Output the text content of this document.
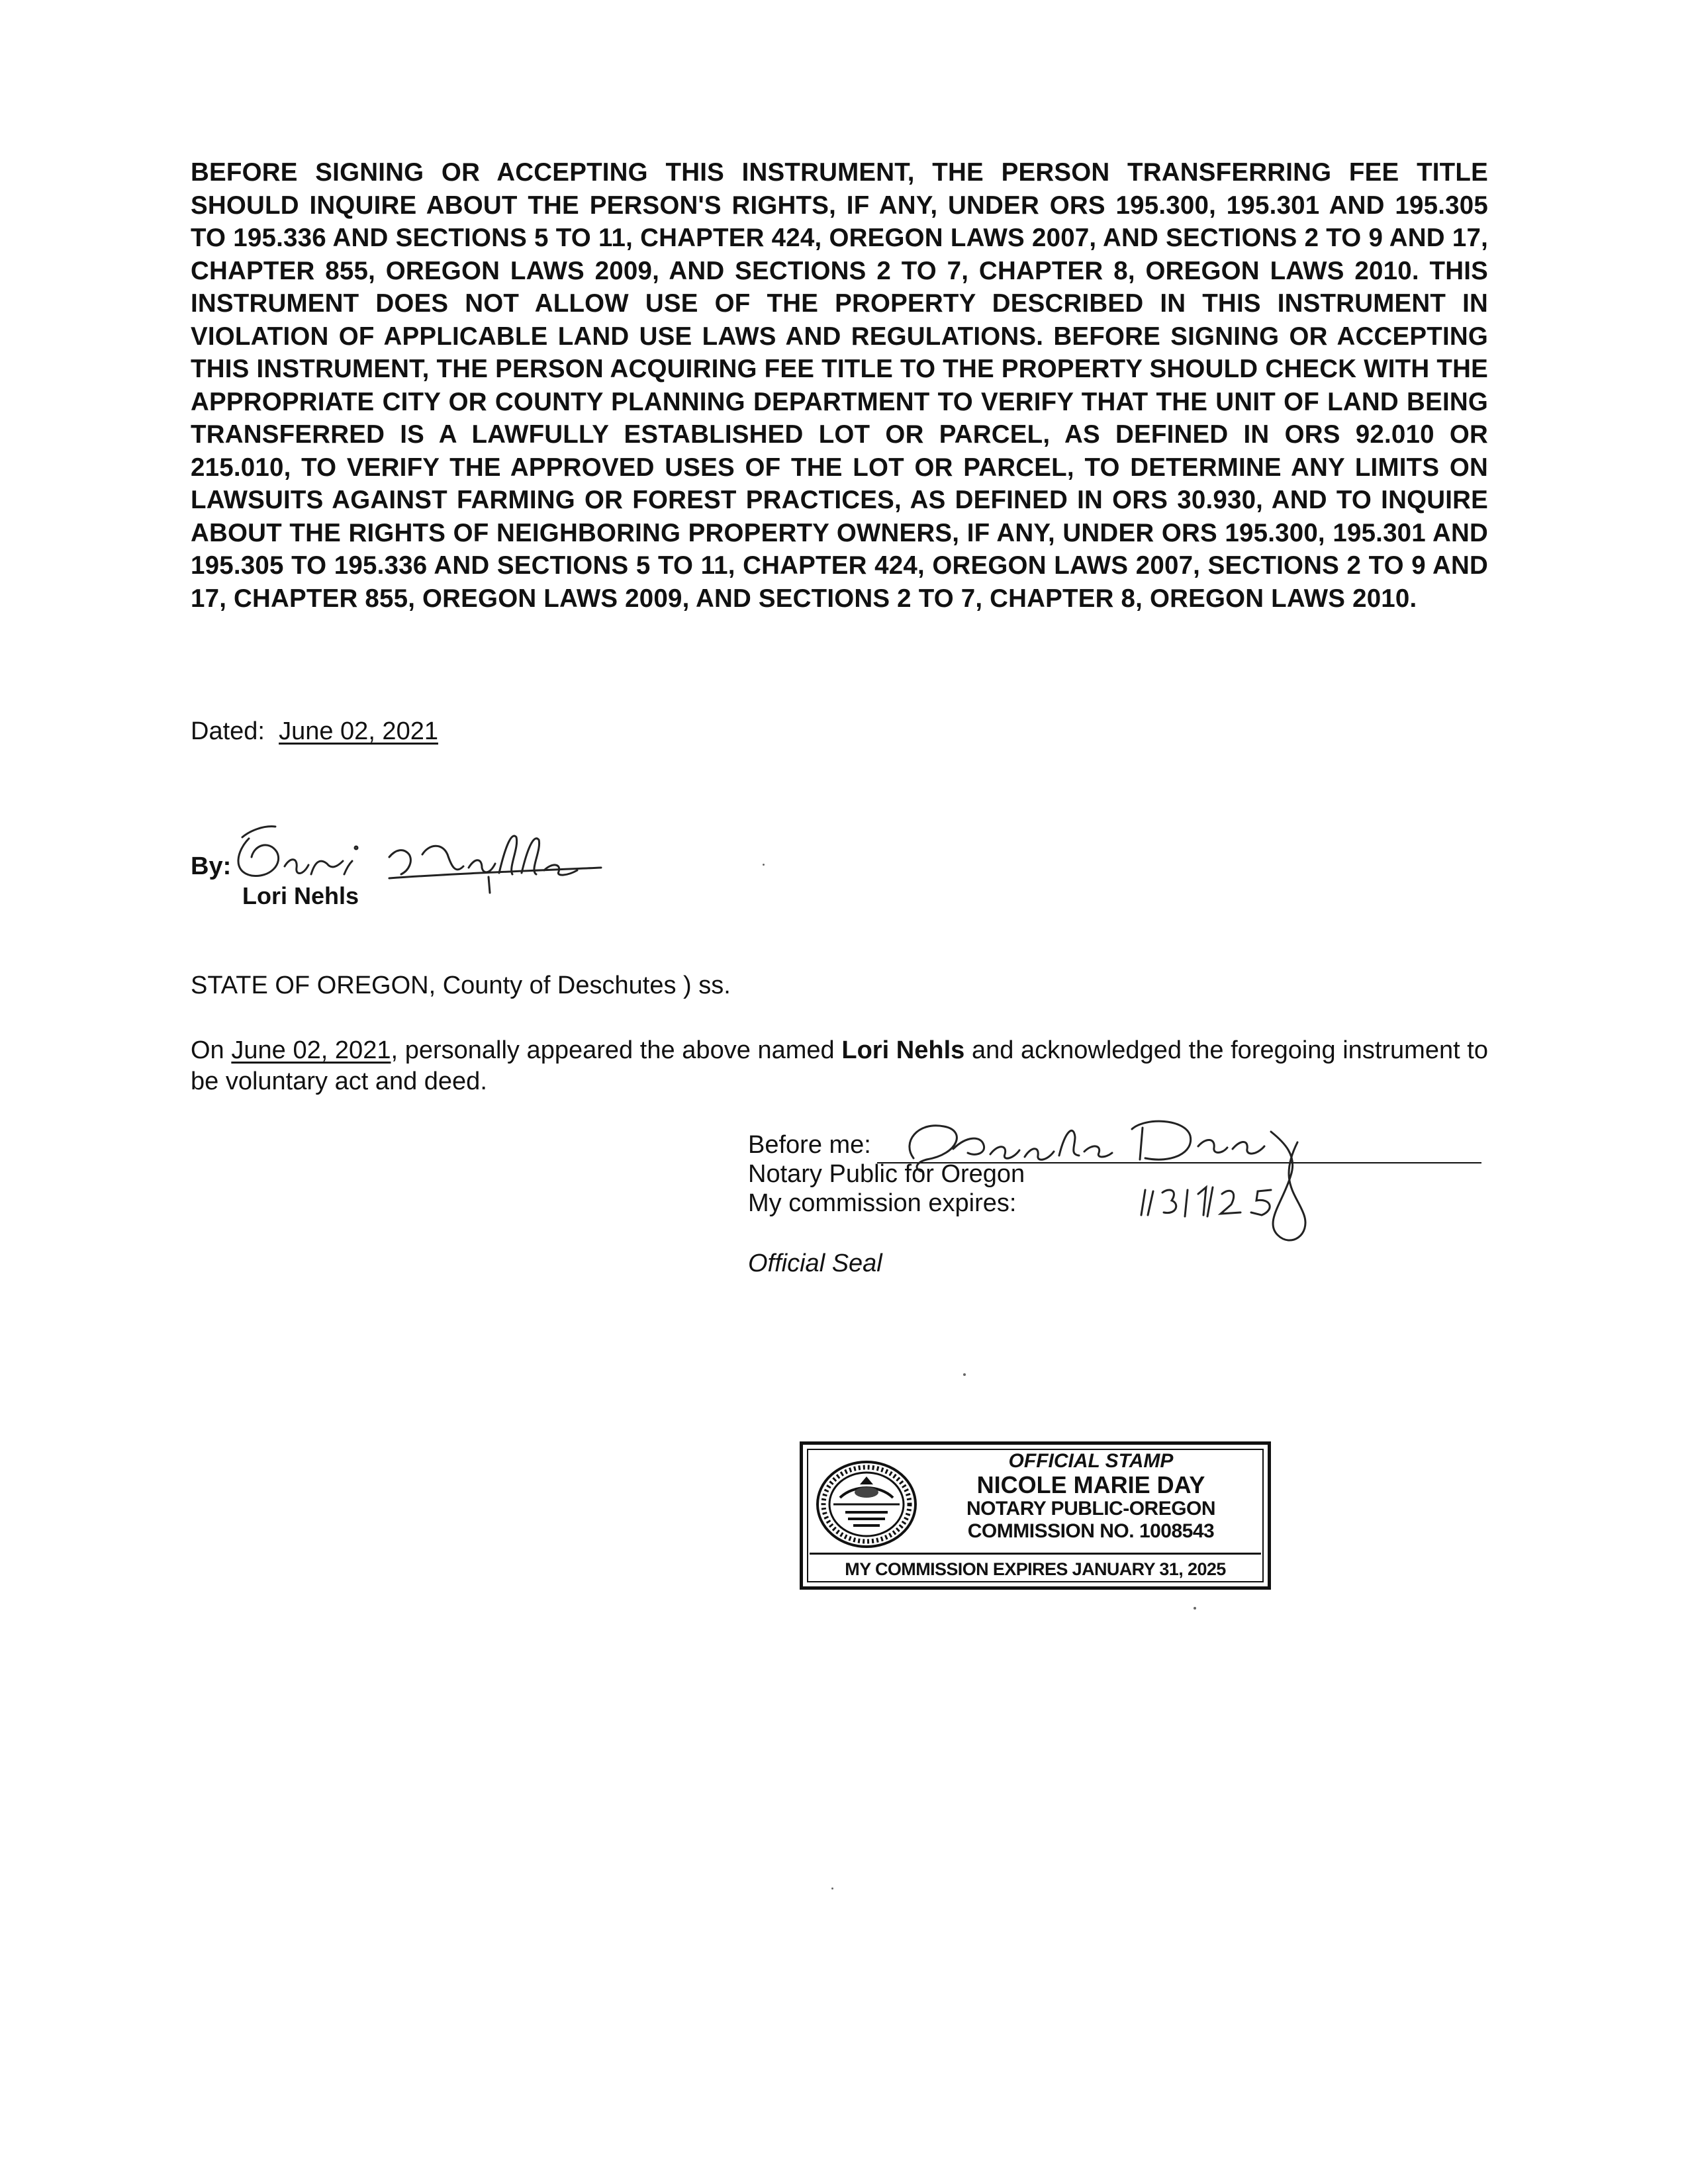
BEFORE SIGNING OR ACCEPTING THIS INSTRUMENT, THE PERSON TRANSFERRING FEE TITLE SHOULD INQUIRE ABOUT THE PERSON'S RIGHTS, IF ANY, UNDER ORS 195.300, 195.301 AND 195.305 TO 195.336 AND SECTIONS 5 TO 11, CHAPTER 424, OREGON LAWS 2007, AND SECTIONS 2 TO 9 AND 17, CHAPTER 855, OREGON LAWS 2009, AND SECTIONS 2 TO 7, CHAPTER 8, OREGON LAWS 2010. THIS INSTRUMENT DOES NOT ALLOW USE OF THE PROPERTY DESCRIBED IN THIS INSTRUMENT IN VIOLATION OF APPLICABLE LAND USE LAWS AND REGULATIONS. BEFORE SIGNING OR ACCEPTING THIS INSTRUMENT, THE PERSON ACQUIRING FEE TITLE TO THE PROPERTY SHOULD CHECK WITH THE APPROPRIATE CITY OR COUNTY PLANNING DEPARTMENT TO VERIFY THAT THE UNIT OF LAND BEING TRANSFERRED IS A LAWFULLY ESTABLISHED LOT OR PARCEL, AS DEFINED IN ORS 92.010 OR 215.010, TO VERIFY THE APPROVED USES OF THE LOT OR PARCEL, TO DETERMINE ANY LIMITS ON LAWSUITS AGAINST FARMING OR FOREST PRACTICES, AS DEFINED IN ORS 30.930, AND TO INQUIRE ABOUT THE RIGHTS OF NEIGHBORING PROPERTY OWNERS, IF ANY, UNDER ORS 195.300, 195.301 AND 195.305 TO 195.336 AND SECTIONS 5 TO 11, CHAPTER 424, OREGON LAWS 2007, SECTIONS 2 TO 9 AND 17, CHAPTER 855, OREGON LAWS 2009, AND SECTIONS 2 TO 7, CHAPTER 8, OREGON LAWS 2010.

Dated: June 02, 2021
By:
Lori Nehls
STATE OF OREGON, County of Deschutes ) ss.

On June 02, 2021, personally appeared the above named Lori Nehls and acknowledged the foregoing instrument to be voluntary act and deed.

Before me:
Notary Public for Oregon
My commission expires:
Official Seal
OFFICIAL STAMP
NICOLE MARIE DAY
NOTARY PUBLIC-OREGON
COMMISSION NO. 1008543
MY COMMISSION EXPIRES JANUARY 31, 2025
